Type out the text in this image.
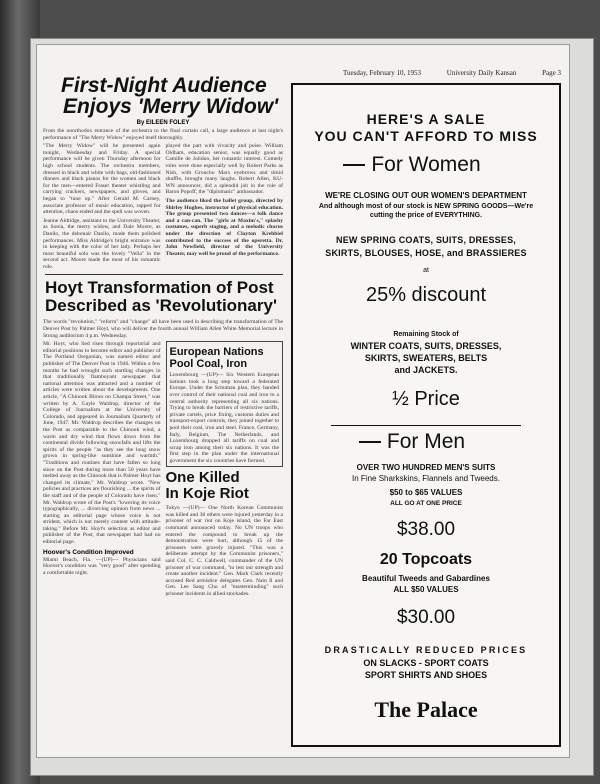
Tuesday, February 10, 1953	University Daily Kansan	Page 3
First-Night Audience
Enjoys 'Merry Widow'
By EILEEN FOLEY
From the unorthodox entrance of the orchestra to the final curtain call, a large audience at last night's performance of "The Merry Widow" enjoyed itself thoroughly.
"The Merry Widow" will be presented again tonight, Wednesday and Friday. A special performance will be given Thursday afternoon for high school students. The orchestra members, dressed in black and white with bags, old-fashioned dinners and black pianos for the women and black for the men—entered Fraser theater whistling and carrying crackers, newspapers, and gloves, and began to "tune up." After Gerald M. Carney, associate professor of music education, rapped for attention, chaos ended and the spell was woven.
Jeanne Aldridge, assistant to the University Theater, as Sonia, the merry widow, and Dale Moore, as Danilo, the debonair Danilo, made them polished performances. Miss Aldridge's bright entrance was in keeping with the color of her lady. Perhaps her most beautiful solo was the lovely "Vella" in the second act. Moore made the most of his romantic role.
played the part with vivacity and poise. William Oldham, education senior, was equally good as Camille de Jolidon, her romantic interest. Comedy roles were done especially well by Robert Parks as Nish, with Groucho Marx eyebrows and timid shuffle, brought many laughs. Robert Allen, KU-WN announcer, did a splendid job in the role of Baron Popoff, the "diplomatic" ambassador.
The audience liked the ballet group, directed by Shirley Hughes, instructor of physical education. The group presented two dances—a folk dance and a can-can. The "girls at Maxim's," splashy costumes, superb staging, and a melodic chorus under the direction of Clayton Krehbiel contributed to the success of the operetta. Dr. John Newfield, director of the University Theater, may well be proud of the performance.
Hoyt Transformation of Post
Described as 'Revolutionary'
The words "revolution," "reform" and "change" all have been used in describing the transformation of The Denver Post by Palmer Hoyt, who will deliver the fourth annual William Allen White Memorial lecture in Strong auditorium 4 p.m. Wednesday.
Mr. Hoyt, who lied risen through reportorial and editorial positions to become editor and publisher of The Portland Oregonian, was named editor and publisher of The Denver Post in 1946. Within a few months he had wrought such startling changes in that traditionally flamboyant newspaper that national attention was attracted and a number of articles were written about the developments. One article, "A Chinook Blows on Champa Street," was written by A. Gayle Waldrop, director of the College of Journalism at the University of Colorado, and appeared in Journalism Quarterly of June, 1947. Mr. Waldrop describes the changes on the Post as comparable to the Chinook wind, a warm and dry wind that flows down from the continental divide following snowfalls and lifts the spirits of the people "as they see the long snow grown in spring-like sunshine and warmth." "Traditions and routines that have fallen so long since on the Post during more than 50 years have melted away as the Chinook that is Palmer Hoyt has changed its climate," Mr. Waldrop wrote. "New policies and practices are flourishing ... the spirits of the staff and of the people of Colorado have risen." Mr. Waldrop wrote of the Post's "lowering its voice typographically, ... divorcing opinion from news ... starting an editorial page whose voice is not strident, which is not merely content with attitude-taking." Before Mr. Hoyt's selection as editor and publisher of the Post, that newspaper had had no editorial page.
Hoover's Condition Improved
Miami Beach, Fla. —(UP)— Physicians said Hoover's condition was "very good" after spending a comfortable night.
European Nations Pool Coal, Iron
Luxembourg —(UP)— Six Western European nations took a long step toward a federated Europe. Under the Schuman plan, they handed over control of their national coal and iron to a central authority representing all six nations. Trying to break the barriers of restrictive tariffs, private cartels, price fixing, customs duties and transport-export controls, they joined together to pool their coal, iron and steel. France, Germany, Italy, Belgium, The Netherlands, and Luxembourg dropped all tariffs on coal and scrap iron among their six nations. It was the first step in the plan under the international government the six countries have formed.
One Killed
In Koje Riot
Tokyo —(UP)— One North Korean Communist was killed and 38 others were injured yesterday in a prisoner of war riot on Koje island, the Far East command announced today. No UN troops who entered the compound to break up the demonstration were hurt, although 15 of the prisoners were gravely injured. "This was a deliberate attempt by the Communist prisoners," said Col. C. C. Caldwell, commander of the UN prisoner of war command, "to test our strength and create another incident." Gen. Mark Clark recently accused Red armistice delegates Gen. Nam Il and Gen. Lee Sang Cho of "masterminding" such prisoner incidents in allied stockades.
HERE'S A SALE
YOU CAN'T AFFORD TO MISS
For Women
WE'RE CLOSING OUT OUR WOMEN'S DEPARTMENT
And although most of our stock is NEW SPRING GOODS—We're
cutting the price of EVERYTHING.
NEW SPRING COATS, SUITS, DRESSES,
SKIRTS, BLOUSES, HOSE, and BRASSIERES
at
25% discount
Remaining Stock of
WINTER COATS, SUITS, DRESSES,
SKIRTS, SWEATERS, BELTS
and JACKETS.
½ Price
For Men
OVER TWO HUNDRED MEN'S SUITS
In Fine Sharkskins, Flannels and Tweeds.
$50 to $65 VALUES
ALL GO AT ONE PRICE
$38.00
20 Topcoats
Beautiful Tweeds and Gabardines
ALL $50 VALUES
$30.00
DRASTICALLY REDUCED PRICES
ON SLACKS - SPORT COATS
SPORT SHIRTS AND SHOES
The Palace
